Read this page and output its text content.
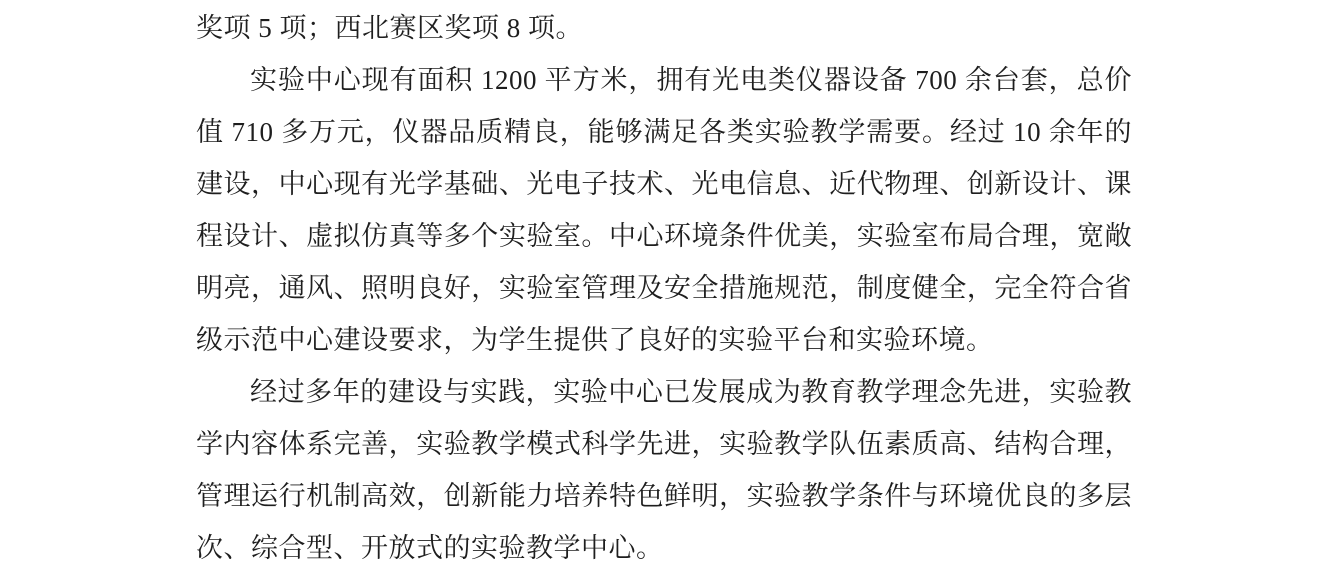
奖项 5 项；西北赛区奖项 8 项。

实验中心现有面积 1200 平方米，拥有光电类仪器设备 700 余台套，总价值 710 多万元，仪器品质精良，能够满足各类实验教学需要。经过 10 余年的建设，中心现有光学基础、光电子技术、光电信息、近代物理、创新设计、课程设计、虚拟仿真等多个实验室。中心环境条件优美，实验室布局合理，宽敞明亮，通风、照明良好，实验室管理及安全措施规范，制度健全，完全符合省级示范中心建设要求，为学生提供了良好的实验平台和实验环境。

经过多年的建设与实践，实验中心已发展成为教育教学理念先进，实验教学内容体系完善，实验教学模式科学先进，实验教学队伍素质高、结构合理，管理运行机制高效，创新能力培养特色鲜明，实验教学条件与环境优良的多层次、综合型、开放式的实验教学中心。
